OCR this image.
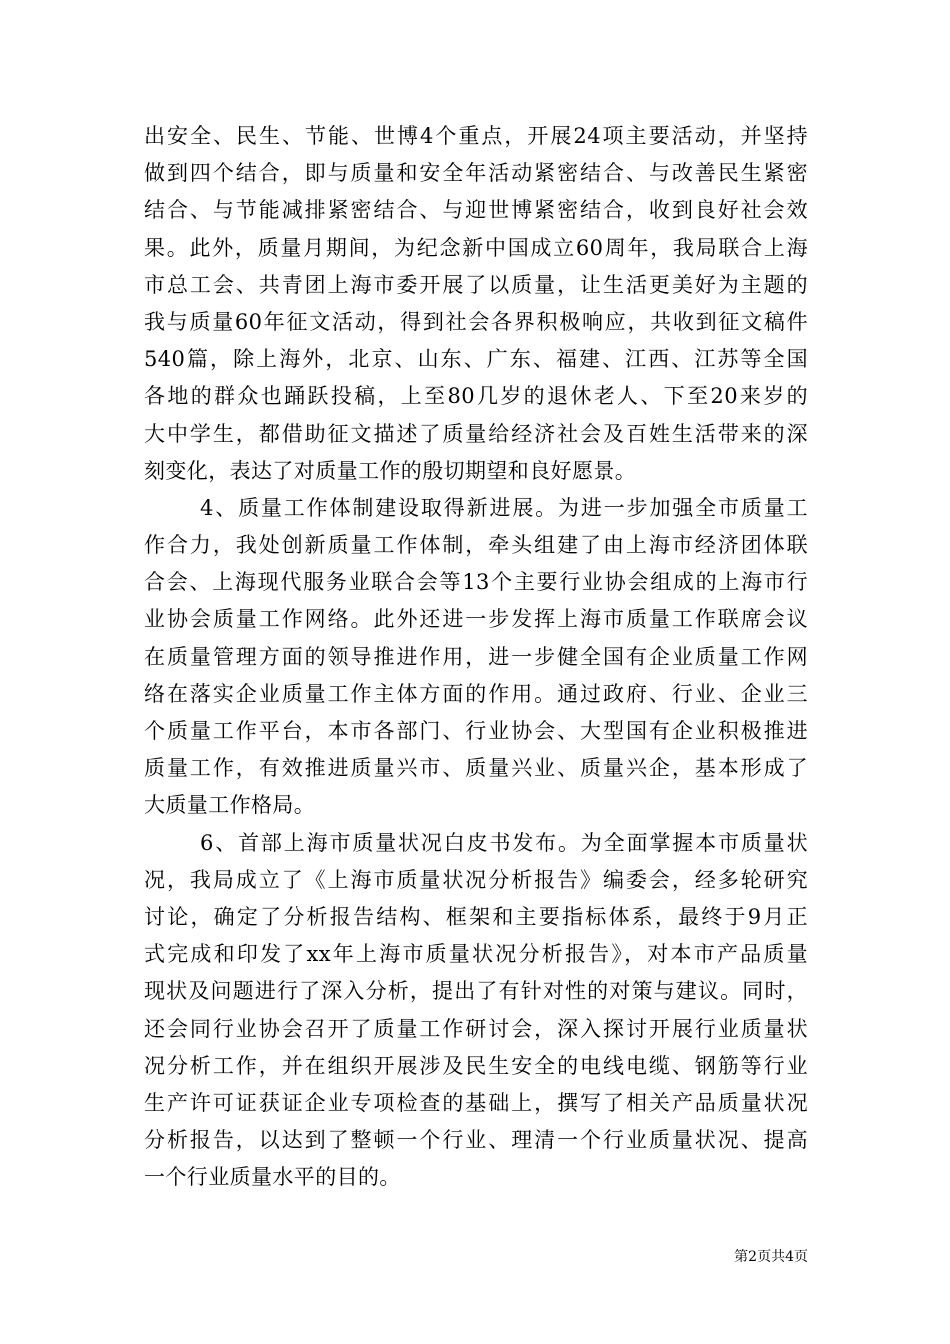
出安全、民生、节能、世博4个重点，开展24项主要活动，并坚持
做到四个结合，即与质量和安全年活动紧密结合、与改善民生紧密
结合、与节能减排紧密结合、与迎世博紧密结合，收到良好社会效
果。此外，质量月期间，为纪念新中国成立60周年，我局联合上海
市总工会、共青团上海市委开展了以质量，让生活更美好为主题的
我与质量60年征文活动，得到社会各界积极响应，共收到征文稿件
540篇，除上海外，北京、山东、广东、福建、江西、江苏等全国
各地的群众也踊跃投稿，上至80几岁的退休老人、下至20来岁的
大中学生，都借助征文描述了质量给经济社会及百姓生活带来的深
刻变化，表达了对质量工作的殷切期望和良好愿景。
4、质量工作体制建设取得新进展。为进一步加强全市质量工
作合力，我处创新质量工作体制，牵头组建了由上海市经济团体联
合会、上海现代服务业联合会等13个主要行业协会组成的上海市行
业协会质量工作网络。此外还进一步发挥上海市质量工作联席会议
在质量管理方面的领导推进作用，进一步健全国有企业质量工作网
络在落实企业质量工作主体方面的作用。通过政府、行业、企业三
个质量工作平台，本市各部门、行业协会、大型国有企业积极推进
质量工作，有效推进质量兴市、质量兴业、质量兴企，基本形成了
大质量工作格局。
6、首部上海市质量状况白皮书发布。为全面掌握本市质量状
况，我局成立了《上海市质量状况分析报告》编委会，经多轮研究
讨论，确定了分析报告结构、框架和主要指标体系，最终于9月正
式完成和印发了xx年上海市质量状况分析报告》，对本市产品质量
现状及问题进行了深入分析，提出了有针对性的对策与建议。同时，
还会同行业协会召开了质量工作研讨会，深入探讨开展行业质量状
况分析工作，并在组织开展涉及民生安全的电线电缆、钢筋等行业
生产许可证获证企业专项检查的基础上，撰写了相关产品质量状况
分析报告，以达到了整顿一个行业、理清一个行业质量状况、提高
一个行业质量水平的目的。
第2页共4页
